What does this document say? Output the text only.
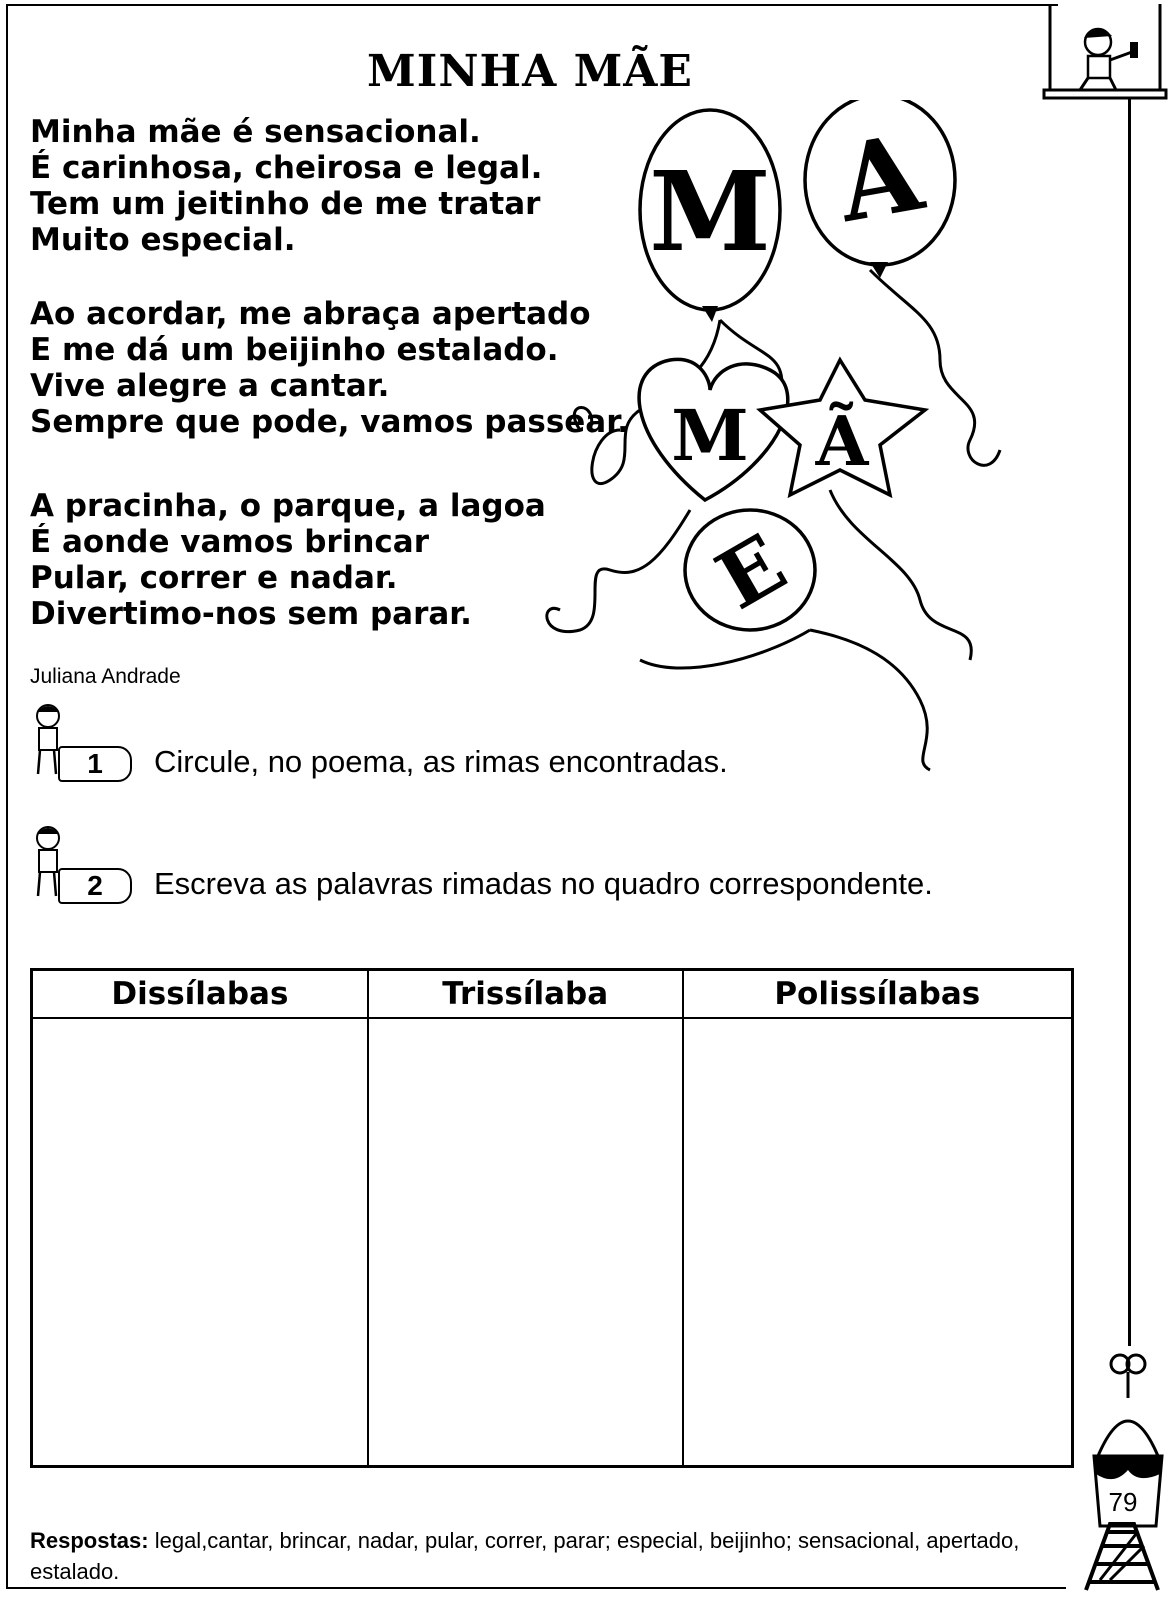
MINHA MÃE
Minha mãe é sensacional.
É carinhosa, cheirosa e legal.
Tem um jeitinho de me tratar
Muito especial.
Ao acordar, me abraça apertado
E me dá um beijinho estalado.
Vive alegre a cantar.
Sempre que pode, vamos passear.
A pracinha, o parque, a lagoa
É aonde vamos brincar
Pular, correr e nadar.
Divertimo-nos sem parar.
Juliana Andrade
M A
M Ã
E
1	Circule, no poema, as rimas encontradas.
2	Escreva as palavras rimadas no quadro correspondente.
Dissílabas	Trissílaba	Polissílabas

79
Respostas: legal,cantar, brincar, nadar, pular, correr, parar; especial, beijinho; sensacional, apertado, estalado.
